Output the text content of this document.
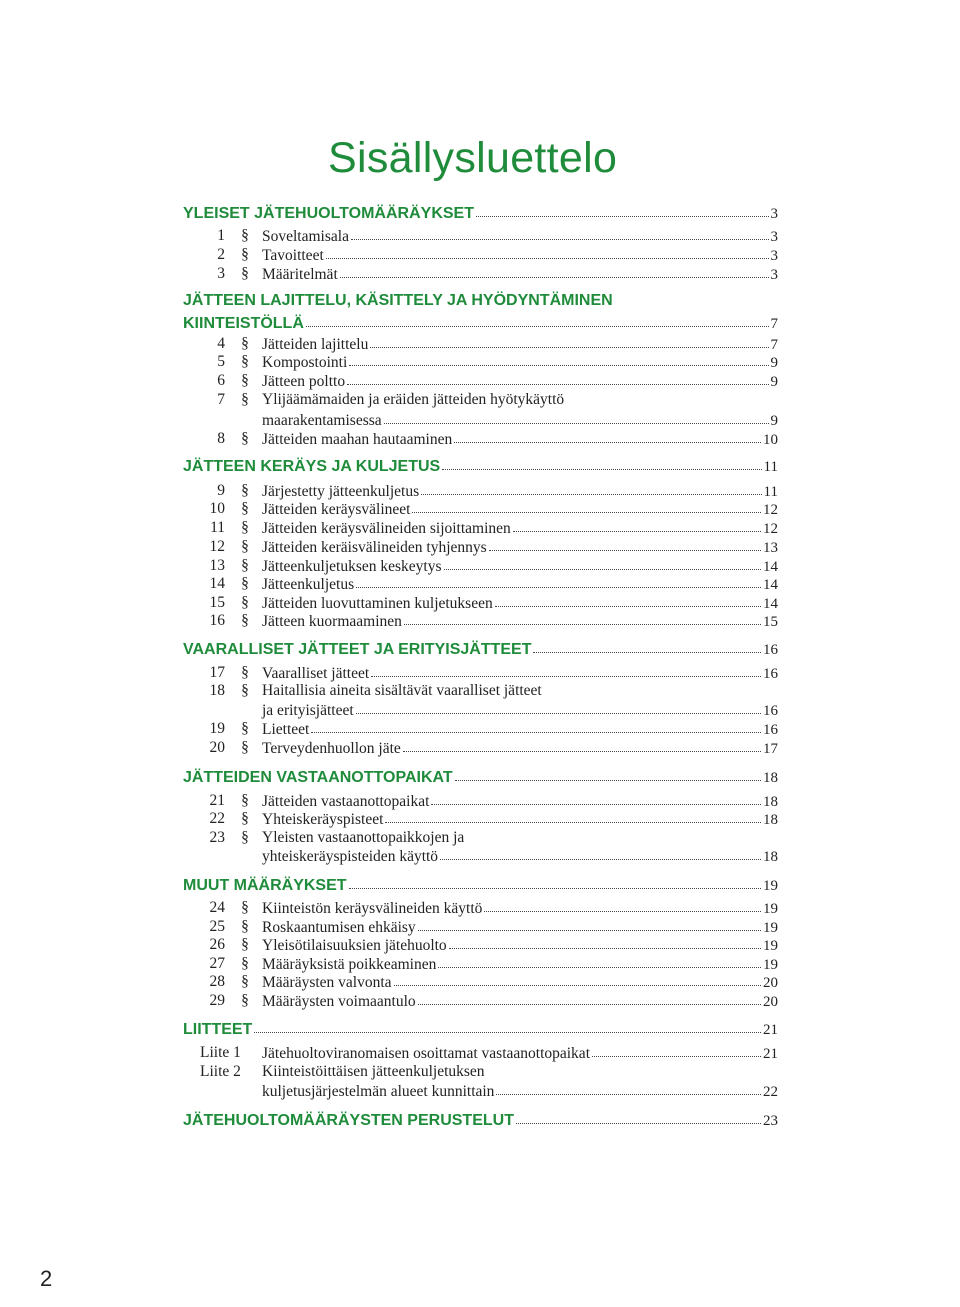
Sisällysluettelo
YLEISET JÄTEHUOLTOMÄÄRÄYKSET	3
1 § Soveltamisala	3
2 § Tavoitteet	3
3 § Määritelmät	3
JÄTTEEN LAJITTELU, KÄSITTELY JA HYÖDYNTÄMINEN
KIINTEISTÖLLÄ	7
4 § Jätteiden lajittelu	7
5 § Kompostointi	9
6 § Jätteen poltto	9
7 § Ylijäämämaiden ja eräiden jätteiden hyötykäyttö
maarakentamisessa	9
8 § Jätteiden maahan hautaaminen	10
JÄTTEEN KERÄYS JA KULJETUS	11
9 § Järjestetty jätteenkuljetus	11
10 § Jätteiden keräysvälineet	12
11 § Jätteiden keräysvälineiden sijoittaminen	12
12 § Jätteiden keräisvälineiden tyhjennys	13
13 § Jätteenkuljetuksen keskeytys	14
14 § Jätteenkuljetus	14
15 § Jätteiden luovuttaminen kuljetukseen	14
16 § Jätteen kuormaaminen	15
VAARALLISET JÄTTEET JA ERITYISJÄTTEET	16
17 § Vaaralliset jätteet	16
18 § Haitallisia aineita sisältävät vaaralliset jätteet
ja erityisjätteet	16
19 § Lietteet	16
20 § Terveydenhuollon jäte	17
JÄTTEIDEN VASTAANOTTOPAIKAT	18
21 § Jätteiden vastaanottopaikat	18
22 § Yhteiskeräyspisteet	18
23 § Yleisten vastaanottopaikkojen ja
yhteiskeräyspisteiden käyttö	18
MUUT MÄÄRÄYKSET	19
24 § Kiinteistön keräysvälineiden käyttö	19
25 § Roskaantumisen ehkäisy	19
26 § Yleisötilaisuuksien jätehuolto	19
27 § Määräyksistä poikkeaminen	19
28 § Määräysten valvonta	20
29 § Määräysten voimaantulo	20
LIITTEET	21
Liite 1 Jätehuoltoviranomaisen osoittamat vastaanottopaikat	21
Liite 2 Kiinteistöittäisen jätteenkuljetuksen
kuljetusjärjestelmän alueet kunnittain	22
JÄTEHUOLTOMÄÄRÄYSTEN PERUSTELUT	23
2
